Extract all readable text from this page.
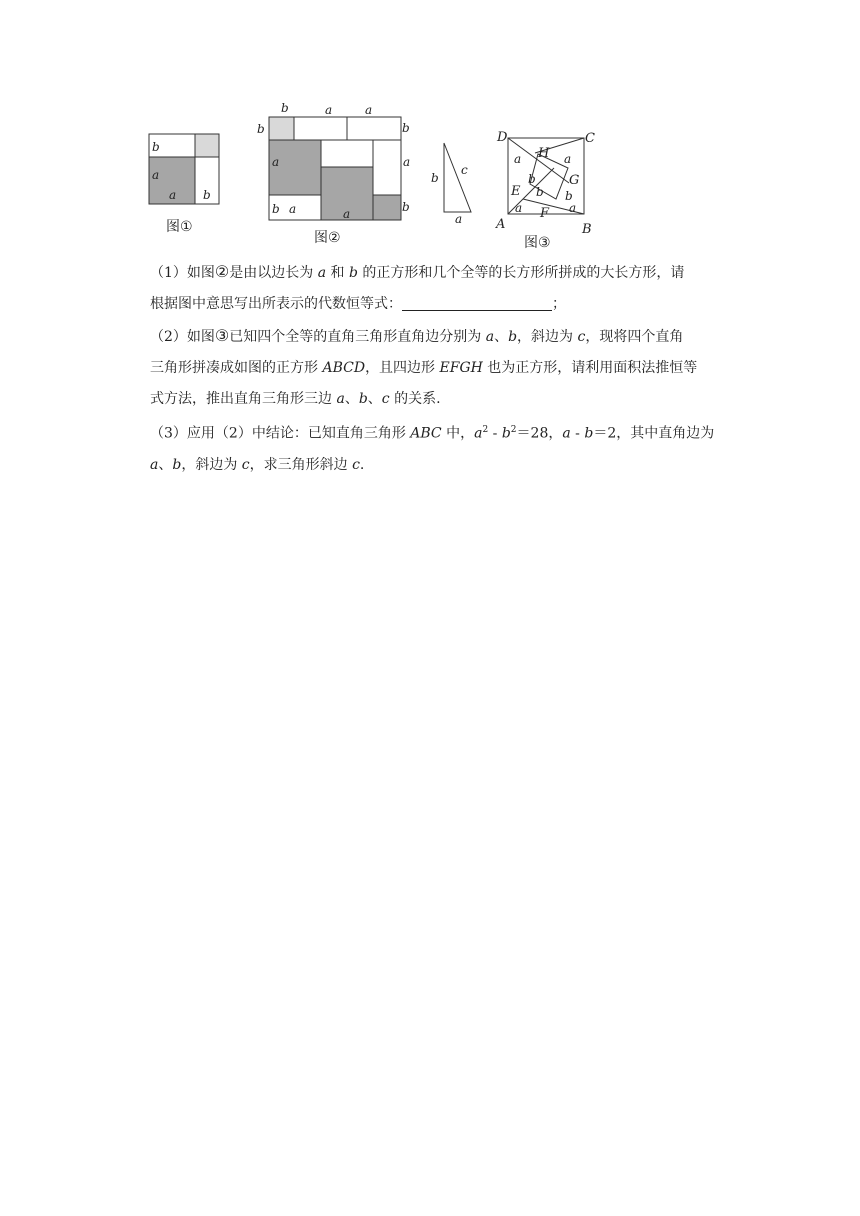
b
a
a b
图①
b	a	a
b
a
b
a
b
b a	a
图②
b
c
a
D	C
A	B
H
G
E
F
a	a
b
b b
a	a
图③

（1）如图②是由以边长为 a 和 b 的正方形和几个全等的长方形所拼成的大长方形，请

根据图中意思写出所表示的代数恒等式：	；

（2）如图③已知四个全等的直角三角形直角边分别为 a、b，斜边为 c，现将四个直角

三角形拼凑成如图的正方形 ABCD，且四边形 EFGH 也为正方形，请利用面积法推恒等

式方法，推出直角三角形三边 a、b、c 的关系.

（3）应用（2）中结论：已知直角三角形 ABC 中，$a^2 - b^2=28$，a - b＝2，其中直角边为

a、b，斜边为 c，求三角形斜边 c.
